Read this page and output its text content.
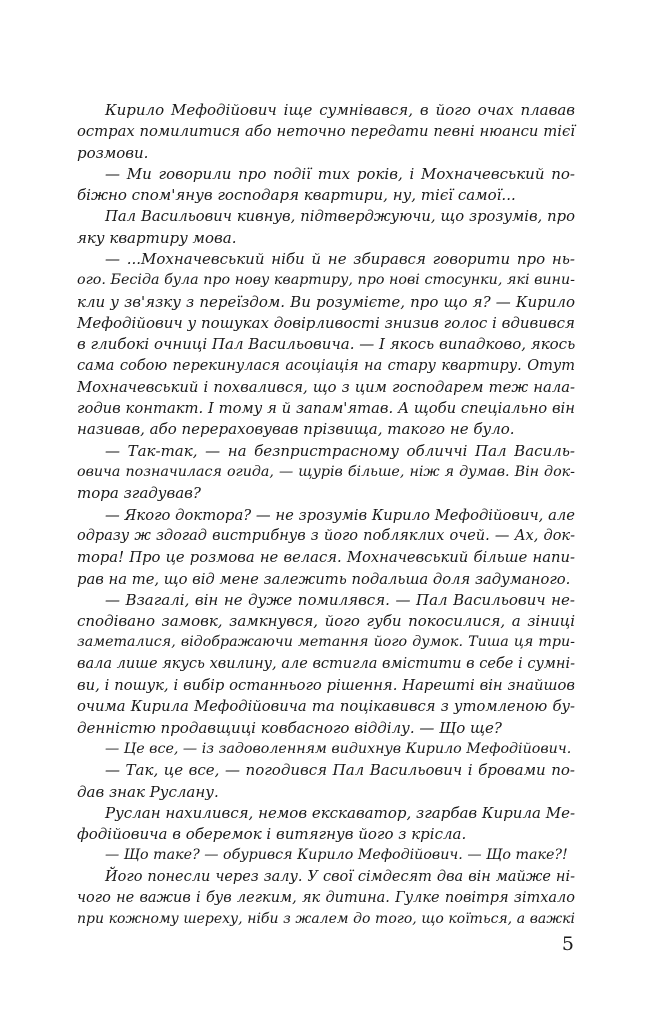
Кирило Мефодійович іще сумнівався, в його очах плавав
острах помилитися або неточно передати певні нюанси тієї
розмови.
— Ми говорили про події тих років, і Мохначевський по-
біжно спом'янув господаря квартири, ну, тієї самої...
Пал Васильович кивнув, підтверджуючи, що зрозумів, про
яку квартиру мова.
— ...Мохначевський ніби й не збирався говорити про нь-
ого. Бесіда була про нову квартиру, про нові стосунки, які вини-
кли у зв'язку з переїздом. Ви розумієте, про що я? — Кирило
Мефодійович у пошуках довірливості знизив голос і вдивився
в глибокі очниці Пал Васильовича. — І якось випадково, якось
сама собою перекинулася асоціація на стару квартиру. Отут
Мохначевський і похвалився, що з цим господарем теж нала-
годив контакт. І тому я й запам'ятав. А щоби спеціально він
називав, або перераховував прізвища, такого не було.
— Так-так, — на безпристрасному обличчі Пал Василь-
овича позначилася огида, — щурів більше, ніж я думав. Він док-
тора згадував?
— Якого доктора? — не зрозумів Кирило Мефодійович, але
одразу ж здогад вистрибнув з його побляклих очей. — Ах, док-
тора! Про це розмова не велася. Мохначевський більше напи-
рав на те, що від мене залежить подальша доля задуманого.
— Взагалі, він не дуже помилявся. — Пал Васильович не-
сподівано замовк, замкнувся, його губи покосилися, а зіниці
заметалися, відображаючи метання його думок. Тиша ця три-
вала лише якусь хвилину, але встигла вмістити в себе і сумні-
ви, і пошук, і вибір останнього рішення. Нарешті він знайшов
очима Кирила Мефодійовича та поцікавився з утомленою бу-
денністю продавщиці ковбасного відділу. — Що ще?
— Це все, — із задоволенням видихнув Кирило Мефодійович.
— Так, це все, — погодився Пал Васильович і бровами по-
дав знак Руслану.
Руслан нахилився, немов екскаватор, згарбав Кирила Ме-
фодійовича в оберемок і витягнув його з крісла.
— Що таке? — обурився Кирило Мефодійович. — Що таке?!
Його понесли через залу. У свої сімдесят два він майже ні-
чого не важив і був легким, як дитина. Гулке повітря зітхало
при кожному шереху, ніби з жалем до того, що коїться, а важкі
5
